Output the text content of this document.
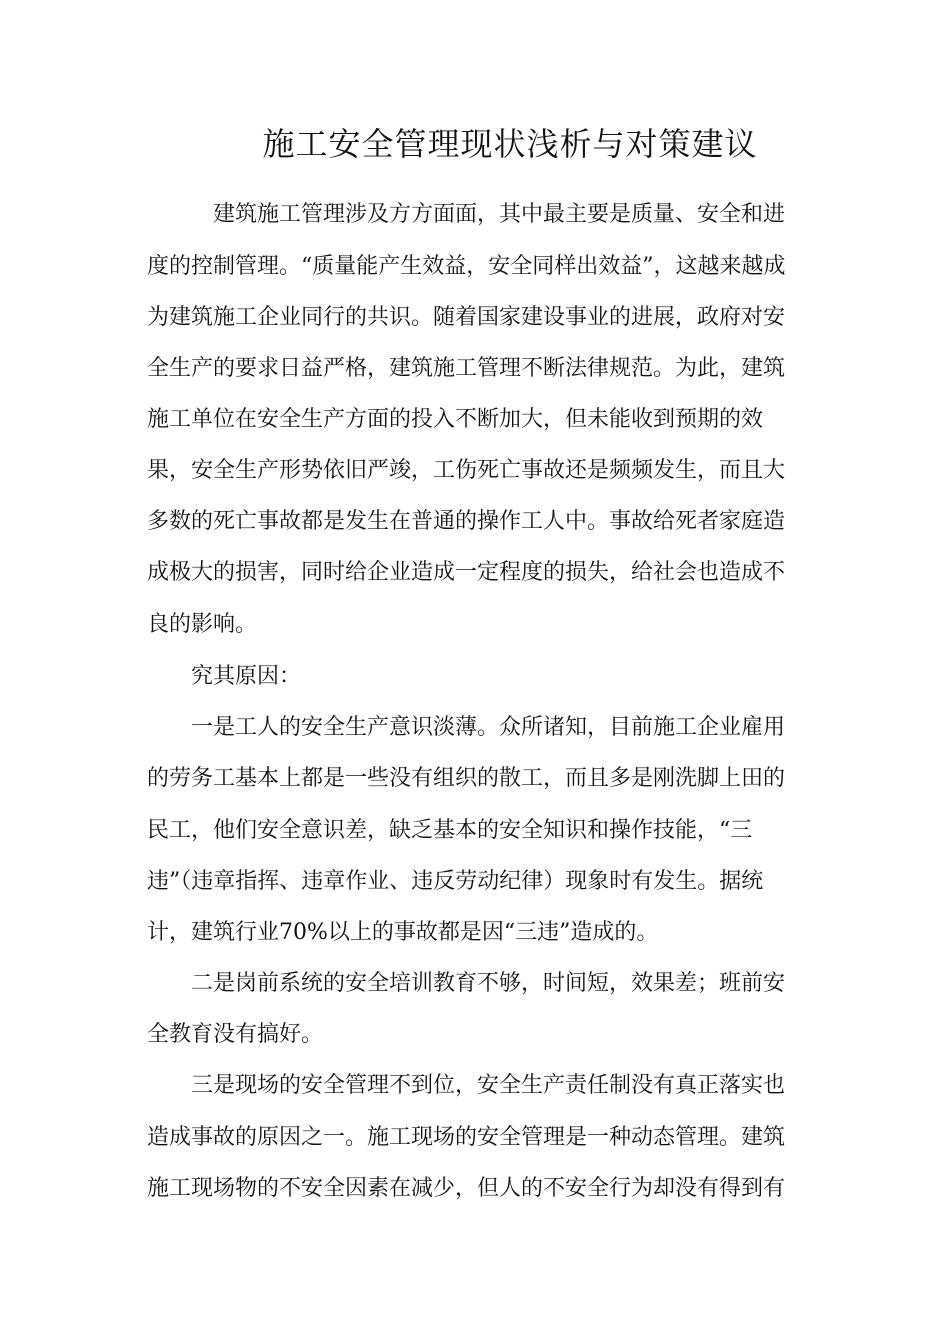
施工安全管理现状浅析与对策建议

建筑施工管理涉及方方面面，其中最主要是质量、安全和进

度的控制管理。“质量能产生效益，安全同样出效益”，这越来越成

为建筑施工企业同行的共识。随着国家建设事业的进展，政府对安

全生产的要求日益严格，建筑施工管理不断法律规范。为此，建筑

施工单位在安全生产方面的投入不断加大，但未能收到预期的效

果，安全生产形势依旧严竣，工伤死亡事故还是频频发生，而且大

多数的死亡事故都是发生在普通的操作工人中。事故给死者家庭造

成极大的损害，同时给企业造成一定程度的损失，给社会也造成不

良的影响。

究其原因：

一是工人的安全生产意识淡薄。众所诸知，目前施工企业雇用

的劳务工基本上都是一些没有组织的散工，而且多是刚洗脚上田的

民工，他们安全意识差，缺乏基本的安全知识和操作技能，“三

违”（违章指挥、违章作业、违反劳动纪律）现象时有发生。据统

计，建筑行业70%以上的事故都是因“三违”造成的。

二是岗前系统的安全培训教育不够，时间短，效果差；班前安

全教育没有搞好。

三是现场的安全管理不到位，安全生产责任制没有真正落实也

造成事故的原因之一。施工现场的安全管理是一种动态管理。建筑

施工现场物的不安全因素在减少，但人的不安全行为却没有得到有
